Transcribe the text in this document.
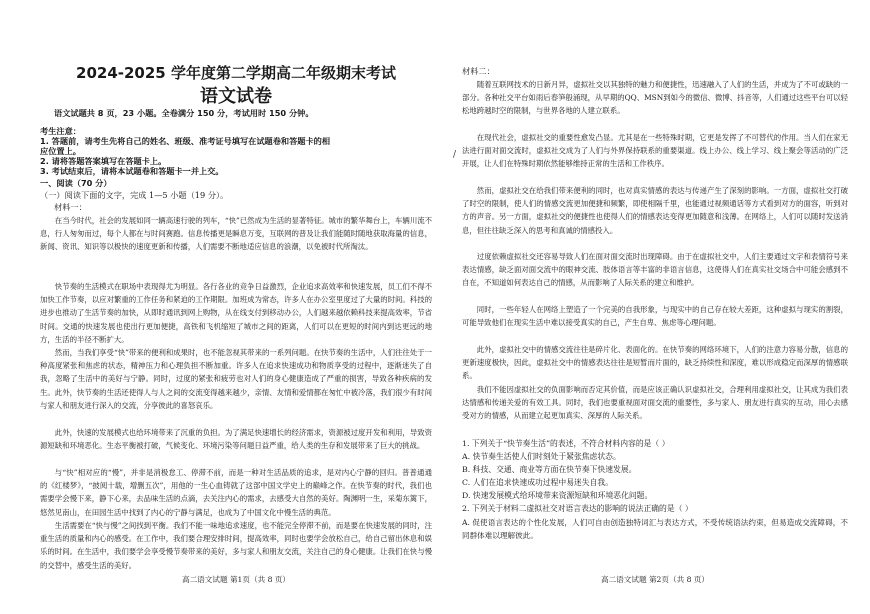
2024-2025 学年度第二学期高二年级期末考试
语文试卷
语文试题共 8 页，23 小题。全卷满分 150 分，考试用时 150 分钟。
考生注意：
1. 答题前，请考生先将自己的姓名、班级、准考证号填写在试题卷和答题卡的相
应位置上。
2. 请将答题答案填写在答题卡上。
3. 考试结束后，请将本试题卷和答题卡一并上交。
一、阅读（70 分）
（一）阅读下面的文字，完成 1—5 小题（19 分）。
材料一：

在当今时代，社会的发展如同一辆高速行驶的列车，“快”已然成为生活的显著特征。城市的繁华舞台上，车辆川流不息，行人匆匆而过，每个人都在与时间赛跑。信息传播更是瞬息万变，互联网的普及让我们能随时随地获取海量的信息，新闻、资讯、知识等以极快的速度更新和传播，人们需要不断地适应信息的浪潮，以免被时代所淘汰。

快节奏的生活模式在职场中表现得尤为明显。各行各业的竞争日益激烈，企业追求高效率和快速发展，员工们不得不加快工作节奏，以应对繁重的工作任务和紧迫的工作期限。加班成为常态，许多人在办公室里度过了大量的时间。科技的进步也推动了生活节奏的加快，从即时通讯到网上购物，从在线支付到移动办公，人们越来越依赖科技来提高效率，节省时间。交通的快速发展也使出行更加便捷，高铁和飞机缩短了城市之间的距离，人们可以在更短的时间内到达更远的地方，生活的半径不断扩大。

然而，当我们享受“快”带来的便利和成果时，也不能忽视其带来的一系列问题。在快节奏的生活中，人们往往处于一种高度紧张和焦虑的状态，精神压力和心理负担不断加重。许多人在追求快速成功和物质享受的过程中，逐渐迷失了自我，忽略了生活中的美好与宁静。同时，过度的紧张和疲劳也对人们的身心健康造成了严重的损害，导致各种疾病的发生。此外，快节奏的生活还使得人与人之间的交流变得越来越少，亲情、友情和爱情都在匆忙中被冷落，我们很少有时间与家人和朋友进行深入的交流，分享彼此的喜怒哀乐。

此外，快速的发展模式也给环境带来了沉重的负担。为了满足快速增长的经济需求，资源被过度开发和利用，导致资源短缺和环境恶化。生态平衡被打破，气候变化、环境污染等问题日益严重，给人类的生存和发展带来了巨大的挑战。

与“快”相对应的“慢”，并非是消极怠工、停滞不前，而是一种对生活品质的追求，是对内心宁静的回归。普普通通的《红楼梦》，“披阅十载，增删五次”，用他的一生心血铸就了这部中国文学史上的巅峰之作。在快节奏的时代，我们也需要学会慢下来，静下心来，去品味生活的点滴，去关注内心的需求，去感受大自然的美好。陶渊明一生，采菊东篱下，悠然见南山，在田园生活中找到了内心的宁静与满足，也成为了中国文化中慢生活的典范。

生活需要在“快与慢”之间找到平衡。我们不能一味地追求速度，也不能完全停滞不前，而是要在快速发展的同时，注重生活的质量和内心的感受。在工作中，我们要合理安排时间，提高效率，同时也要学会放松自己，给自己留出休息和娱乐的时间。在生活中，我们要学会享受慢节奏带来的美好，多与家人和朋友交流，关注自己的身心健康。让我们在快与慢的交替中，感受生活的美好。

高二语文试题 第1页（共 8 页）
/
材料二：

随着互联网技术的日新月异，虚拟社交以其独特的魅力和便捷性，迅速融入了人们的生活，并成为了不可或缺的一部分。各种社交平台如雨后春笋般涌现，从早期的QQ、MSN到如今的微信、微博、抖音等，人们通过这些平台可以轻松地跨越时空的限制，与世界各地的人建立联系。

在现代社会，虚拟社交的重要性愈发凸显。尤其是在一些特殊时期，它更是发挥了不可替代的作用。当人们在家无法进行面对面交流时，虚拟社交成为了人们与外界保持联系的重要渠道。线上办公、线上学习、线上聚会等活动的广泛开展，让人们在特殊时期依然能够维持正常的生活和工作秩序。

然而，虚拟社交在给我们带来便利的同时，也对真实情感的表达与传递产生了深刻的影响。一方面，虚拟社交打破了时空的限制，使人们的情感交流更加便捷和频繁，即使相隔千里，也能通过视频通话等方式看到对方的面容，听到对方的声音。另一方面，虚拟社交的便捷性也使得人们的情感表达变得更加随意和浅薄。在网络上，人们可以随时发送消息，但往往缺乏深入的思考和真诚的情感投入。

过度依赖虚拟社交还容易导致人们在面对面交流时出现障碍。由于在虚拟社交中，人们主要通过文字和表情符号来表达情感，缺乏面对面交流中的眼神交流、肢体语言等丰富的非语言信息，这使得人们在真实社交场合中可能会感到不自在，不知道如何表达自己的情感，从而影响了人际关系的建立和维护。

同时，一些年轻人在网络上塑造了一个完美的自我形象，与现实中的自己存在较大差距，这种虚拟与现实的割裂，可能导致他们在现实生活中难以接受真实的自己，产生自卑、焦虑等心理问题。

此外，虚拟社交中的情感交流往往是碎片化、表面化的。在快节奏的网络环境下，人们的注意力容易分散，信息的更新速度极快，因此，虚拟社交中的情感表达往往是短暂而片面的，缺乏持续性和深度，难以形成稳定而深厚的情感联系。

我们不能因虚拟社交的负面影响而否定其价值，而是应该正确认识虚拟社交，合理利用虚拟社交，让其成为我们表达情感和传递关爱的有效工具。同时，我们也要重视面对面交流的重要性，多与家人、朋友进行真实的互动，用心去感受对方的情感，从而建立起更加真实、深厚的人际关系。

1. 下列关于“快节奏生活”的表述，不符合材料内容的是（ ）
A. 快节奏生活使人们时刻处于紧张焦虑状态。
B. 科技、交通、商业等方面在快节奏下快速发展。
C. 人们在追求快速成功过程中易迷失自我。
D. 快速发展模式给环境带来资源短缺和环境恶化问题。
2. 下列关于材料二虚拟社交对语言表达的影响的说法正确的是（ ）

A. 促使语言表达的个性化发展，人们可自由创造独特词汇与表达方式，不受传统语法约束，但易造成交流障碍，不同群体难以理解彼此。

高二语文试题 第2页（共 8 页）
